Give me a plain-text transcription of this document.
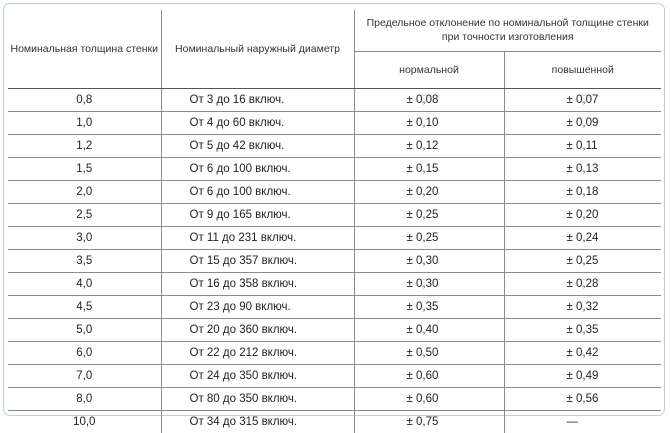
Номинальная толщина стенки	Номинальный наружный диаметр	Предельное отклонение по номинальной толщине стенки при точности изготовления	
		нормальной	повышенной
0,8	От 3 до 16 включ.	± 0,08	± 0,07
1,0	От 4 до 60 включ.	± 0,10	± 0,09
1,2	От 5 до 42 включ.	± 0,12	± 0,11
1,5	От 6 до 100 включ.	± 0,15	± 0,13
2,0	От 6 до 100 включ.	± 0,20	± 0,18
2,5	От 9 до 165 включ.	± 0,25	± 0,20
3,0	От 11 до 231 включ.	± 0,25	± 0,24
3,5	От 15 до 357 включ.	± 0,30	± 0,25
4,0	От 16 до 358 включ.	± 0,30	± 0,28
4,5	От 23 до 90 включ.	± 0,35	± 0,32
5,0	От 20 до 360 включ.	± 0,40	± 0,35
6,0	От 22 до 212 включ.	± 0,50	± 0,42
7,0	От 24 до 350 включ.	± 0,60	± 0,49
8,0	От 80 до 350 включ.	± 0,60	± 0,56
10,0	От 34 до 315 включ.	± 0,75	—
